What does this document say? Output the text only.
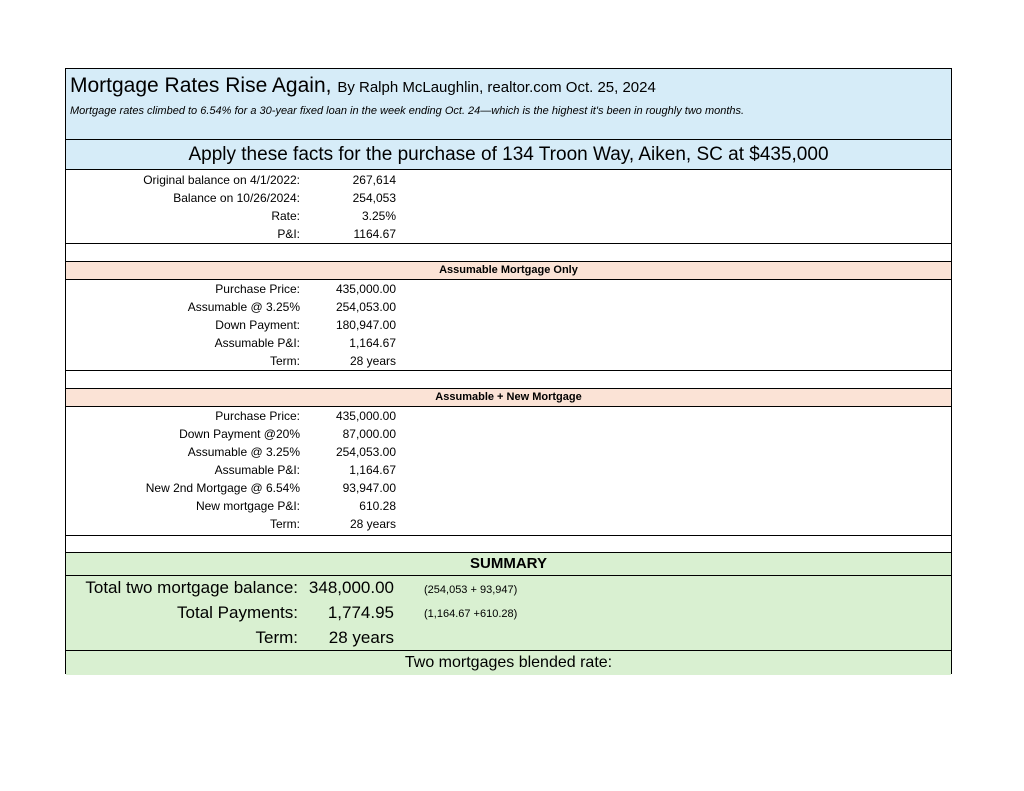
Mortgage Rates Rise Again, By Ralph McLaughlin, realtor.com Oct. 25, 2024
Mortgage rates climbed to 6.54% for a 30-year fixed loan in the week ending Oct. 24—which is the highest it's been in roughly two months.
Apply these facts for the purchase of 134 Troon Way, Aiken, SC at $435,000
Original balance on 4/1/2022:
Balance on 10/26/2024:
Rate:
P&I:
267,614
254,053
3.25%
1164.67
Assumable Mortgage Only
Purchase Price:
Assumable @ 3.25%
Down Payment:
Assumable P&I:
Term:
435,000.00
254,053.00
180,947.00
1,164.67
28 years
Assumable + New Mortgage
Purchase Price:
Down Payment @20%
Assumable @ 3.25%
Assumable P&I:
New 2nd Mortgage @ 6.54%
New mortgage P&I:
Term:
435,000.00
87,000.00
254,053.00
1,164.67
93,947.00
610.28
28 years
SUMMARY
Total two mortgage balance: 348,000.00	(254,053 + 93,947)
Total Payments: 1,774.95	(1,164.67 +610.28)
Term: 28 years
Two mortgages blended rate:
